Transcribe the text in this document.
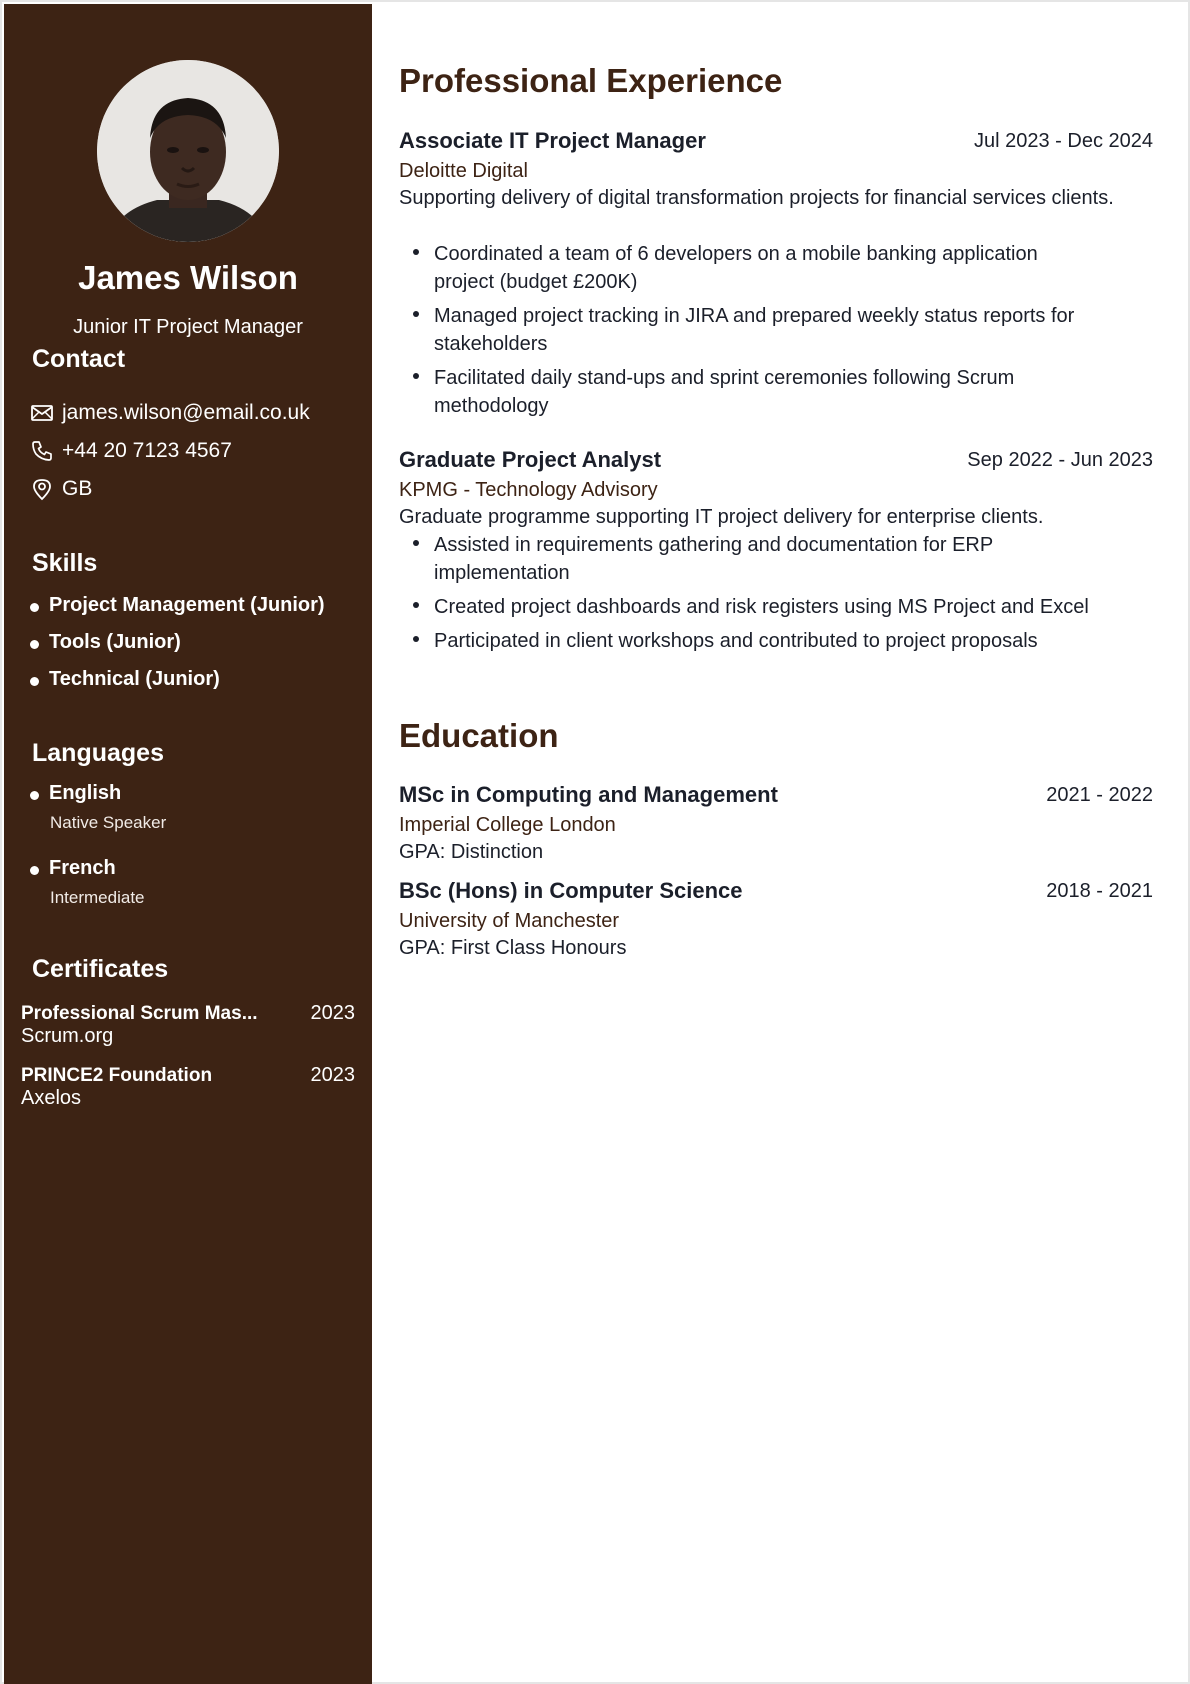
James Wilson
Junior IT Project Manager
Contact
james.wilson@email.co.uk
+44 20 7123 4567
GB
Skills
Project Management (Junior)
Tools (Junior)
Technical (Junior)
Languages
English
Native Speaker
French
Intermediate
Certificates
Professional Scrum Mas...	2023
Scrum.org
PRINCE2 Foundation	2023
Axelos
Professional Experience
Associate IT Project Manager	Jul 2023 - Dec 2024
Deloitte Digital
Supporting delivery of digital transformation projects for financial services clients.
Coordinated a team of 6 developers on a mobile banking application project (budget £200K)
Managed project tracking in JIRA and prepared weekly status reports for stakeholders
Facilitated daily stand-ups and sprint ceremonies following Scrum methodology
Graduate Project Analyst	Sep 2022 - Jun 2023
KPMG - Technology Advisory
Graduate programme supporting IT project delivery for enterprise clients.
Assisted in requirements gathering and documentation for ERP implementation
Created project dashboards and risk registers using MS Project and Excel
Participated in client workshops and contributed to project proposals
Education
MSc in Computing and Management	2021 - 2022
Imperial College London
GPA: Distinction
BSc (Hons) in Computer Science	2018 - 2021
University of Manchester
GPA: First Class Honours
